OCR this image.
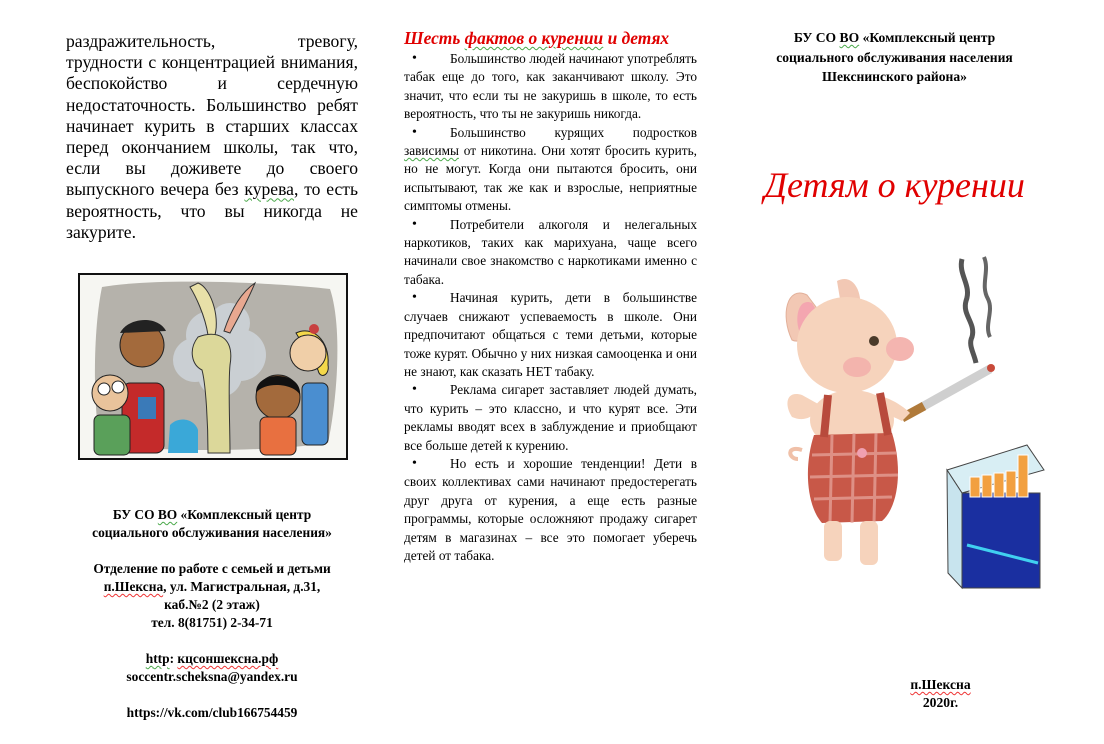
раздражительность, тревогу, трудности с концентрацией внимания, беспокойство и сердечную недостаточность. Большинство ребят начинает курить в старших классах перед окончанием школы, так что, если вы доживете до своего выпускного вечера без курева, то есть вероятность, что вы никогда не закурите.

БУ СО ВО «Комплексный центр

социального обслуживания населения»

Отделение по работе с семьей и детьми

п.Шексна, ул. Магистральная, д.31,

каб.№2 (2 этаж)

тел. 8(81751) 2-34-71

http: кцсоншексна.рф

soccentr.scheksna@yandex.ru

https://vk.com/club166754459

Шесть фактов о курении и детях
• Большинство людей начинают употреблять табак еще до того, как заканчивают школу. Это значит, что если ты не закуришь в школе, то есть вероятность, что ты не закуришь никогда.
• Большинство курящих подростков зависимы от никотина. Они хотят бросить курить, но не могут. Когда они пытаются бросить, они испытывают, так же как и взрослые, неприятные симптомы отмены.
• Потребители алкоголя и нелегальных наркотиков, таких как марихуана, чаще всего начинали свое знакомство с наркотиками именно с табака.
• Начиная курить, дети в большинстве случаев снижают успеваемость в школе. Они предпочитают общаться с теми детьми, которые тоже курят. Обычно у них низкая самооценка и они не знают, как сказать НЕТ табаку.
• Реклама сигарет заставляет людей думать, что курить – это классно, и что курят все. Эти рекламы вводят всех в заблуждение и приобщают все больше детей к курению.
• Но есть и хорошие тенденции! Дети в своих коллективах сами начинают предостерегать друг друга от курения, а еще есть разные программы, которые осложняют продажу сигарет детям в магазинах – все это помогает уберечь детей от табака.

БУ СО ВО «Комплексный центр

социального обслуживания населения

Шекснинского района»

Детям о курении

п.Шексна

2020г.
